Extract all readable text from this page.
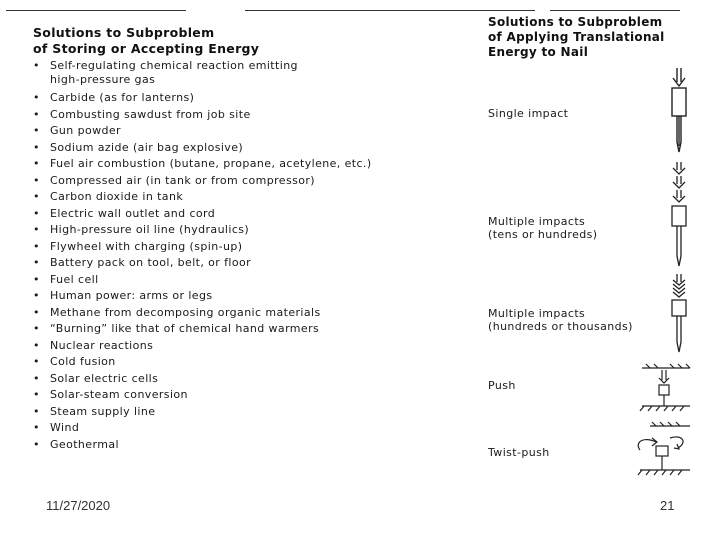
Solutions to Subproblem
of Storing or Accepting Energy
• Self-regulating chemical reaction emitting
high-pressure gas
• Carbide (as for lanterns)
• Combusting sawdust from job site
• Gun powder
• Sodium azide (air bag explosive)
• Fuel air combustion (butane, propane, acetylene, etc.)
• Compressed air (in tank or from compressor)
• Carbon dioxide in tank
• Electric wall outlet and cord
• High-pressure oil line (hydraulics)
• Flywheel with charging (spin-up)
• Battery pack on tool, belt, or floor
• Fuel cell
• Human power: arms or legs
• Methane from decomposing organic materials
• “Burning” like that of chemical hand warmers
• Nuclear reactions
• Cold fusion
• Solar electric cells
• Solar-steam conversion
• Steam supply line
• Wind
• Geothermal
Solutions to Subproblem
of Applying Translational
Energy to Nail
Single impact
Multiple impacts
(tens or hundreds)
Multiple impacts
(hundreds or thousands)
Push
Twist-push
11/27/2020	21
